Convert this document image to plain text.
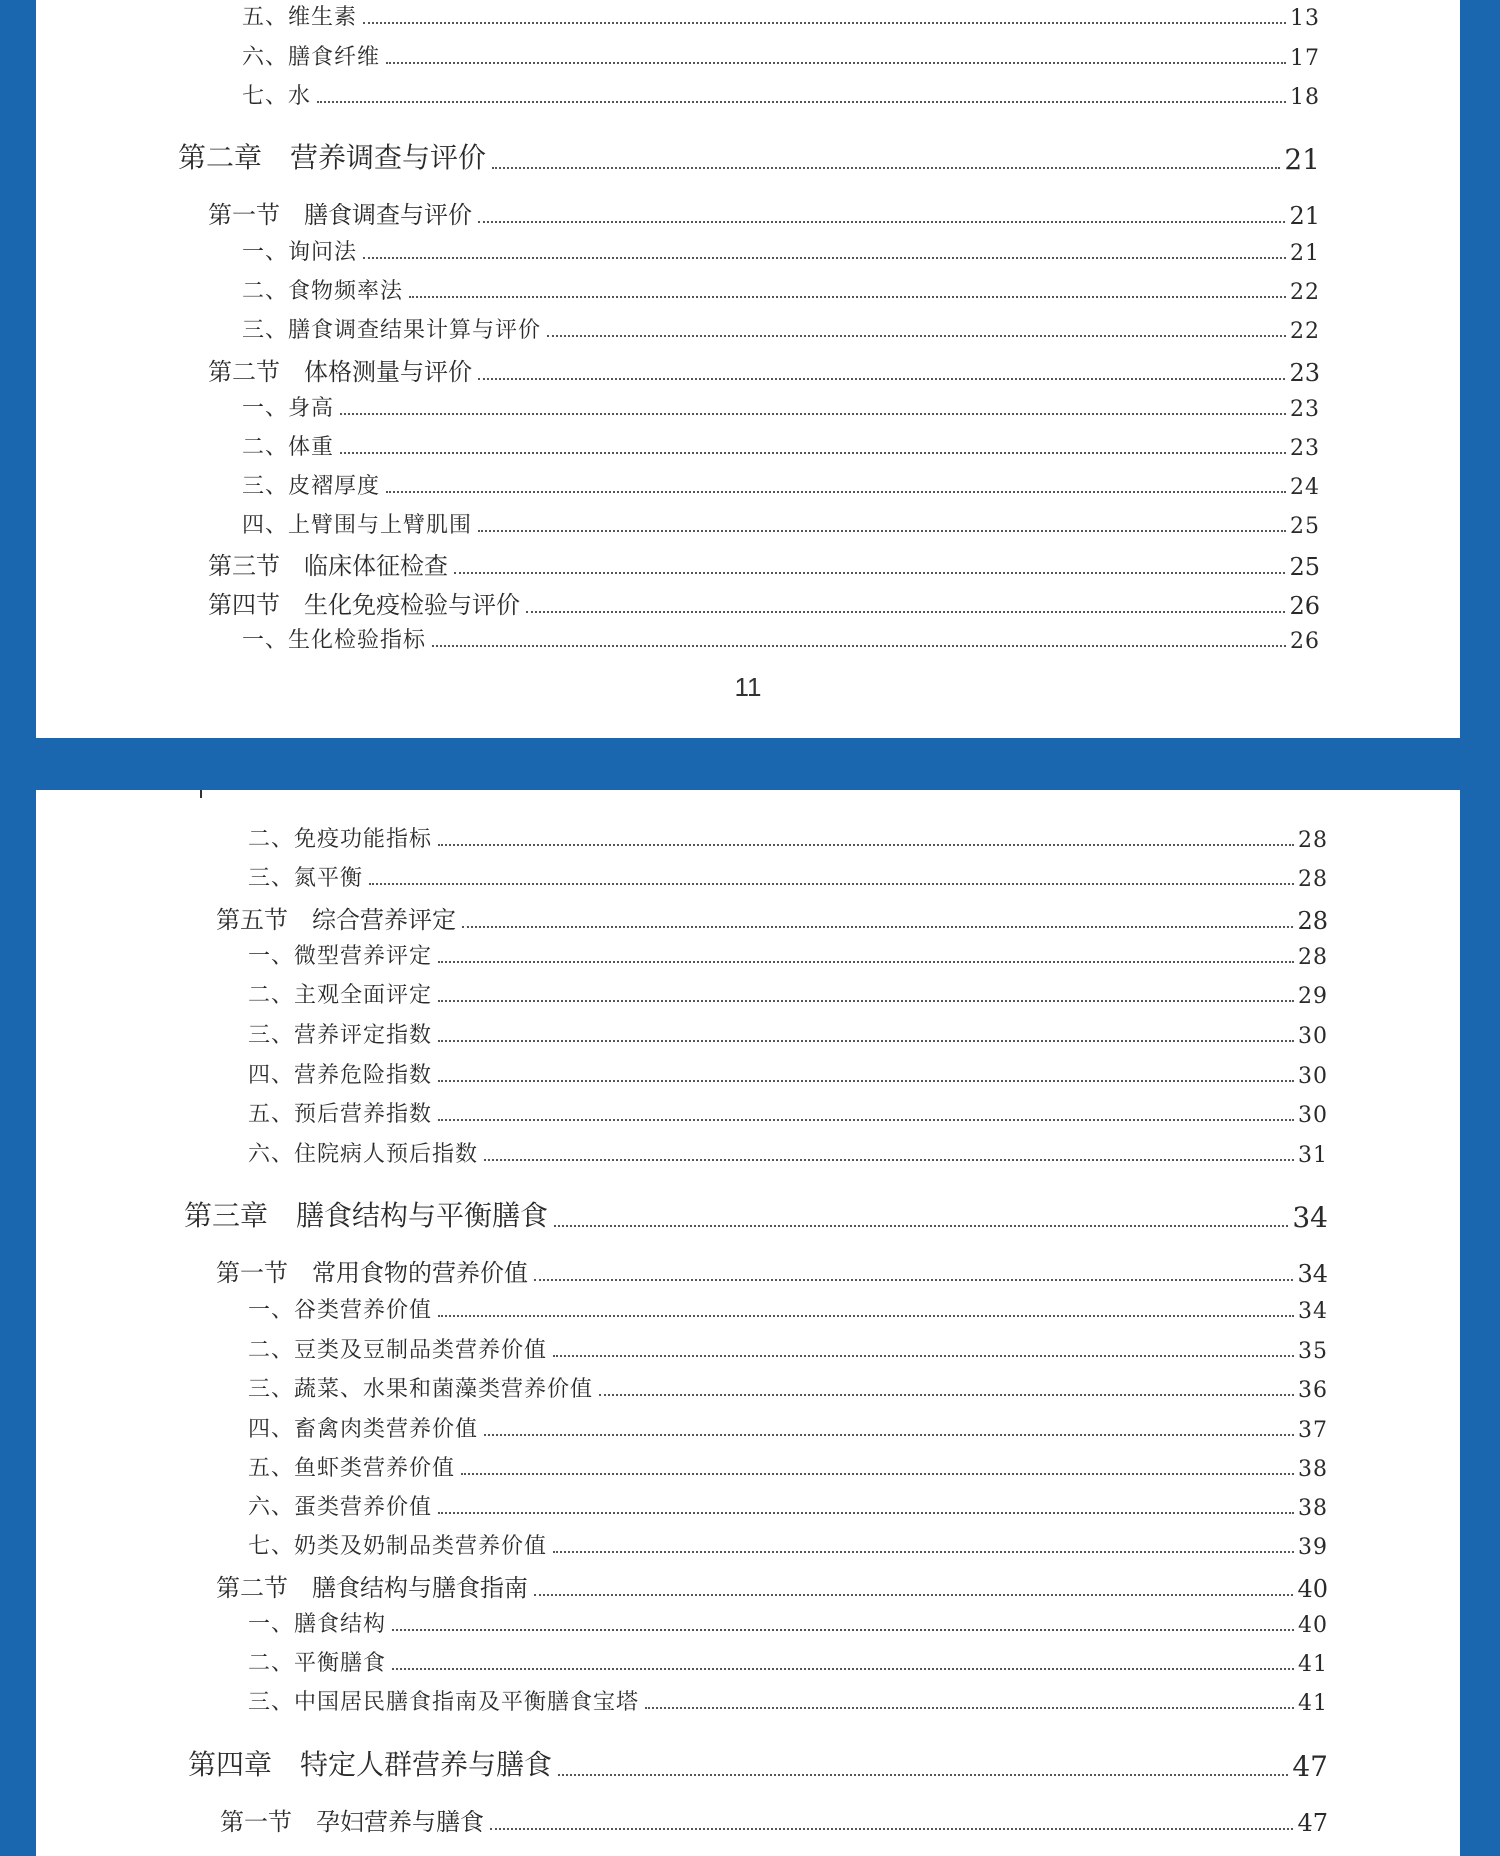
五、维生素	13
六、膳食纤维	17
七、水	18
第二章　营养调查与评价	21
第一节　膳食调查与评价	21
一、询问法	21
二、食物频率法	22
三、膳食调查结果计算与评价	22
第二节　体格测量与评价	23
一、身高	23
二、体重	23
三、皮褶厚度	24
四、上臂围与上臂肌围	25
第三节　临床体征检查	25
第四节　生化免疫检验与评价	26
一、生化检验指标	26
11
二、免疫功能指标	28
三、氮平衡	28
第五节　综合营养评定	28
一、微型营养评定	28
二、主观全面评定	29
三、营养评定指数	30
四、营养危险指数	30
五、预后营养指数	30
六、住院病人预后指数	31
第三章　膳食结构与平衡膳食	34
第一节　常用食物的营养价值	34
一、谷类营养价值	34
二、豆类及豆制品类营养价值	35
三、蔬菜、水果和菌藻类营养价值	36
四、畜禽肉类营养价值	37
五、鱼虾类营养价值	38
六、蛋类营养价值	38
七、奶类及奶制品类营养价值	39
第二节　膳食结构与膳食指南	40
一、膳食结构	40
二、平衡膳食	41
三、中国居民膳食指南及平衡膳食宝塔	41
第四章　特定人群营养与膳食	47
第一节　孕妇营养与膳食	47
